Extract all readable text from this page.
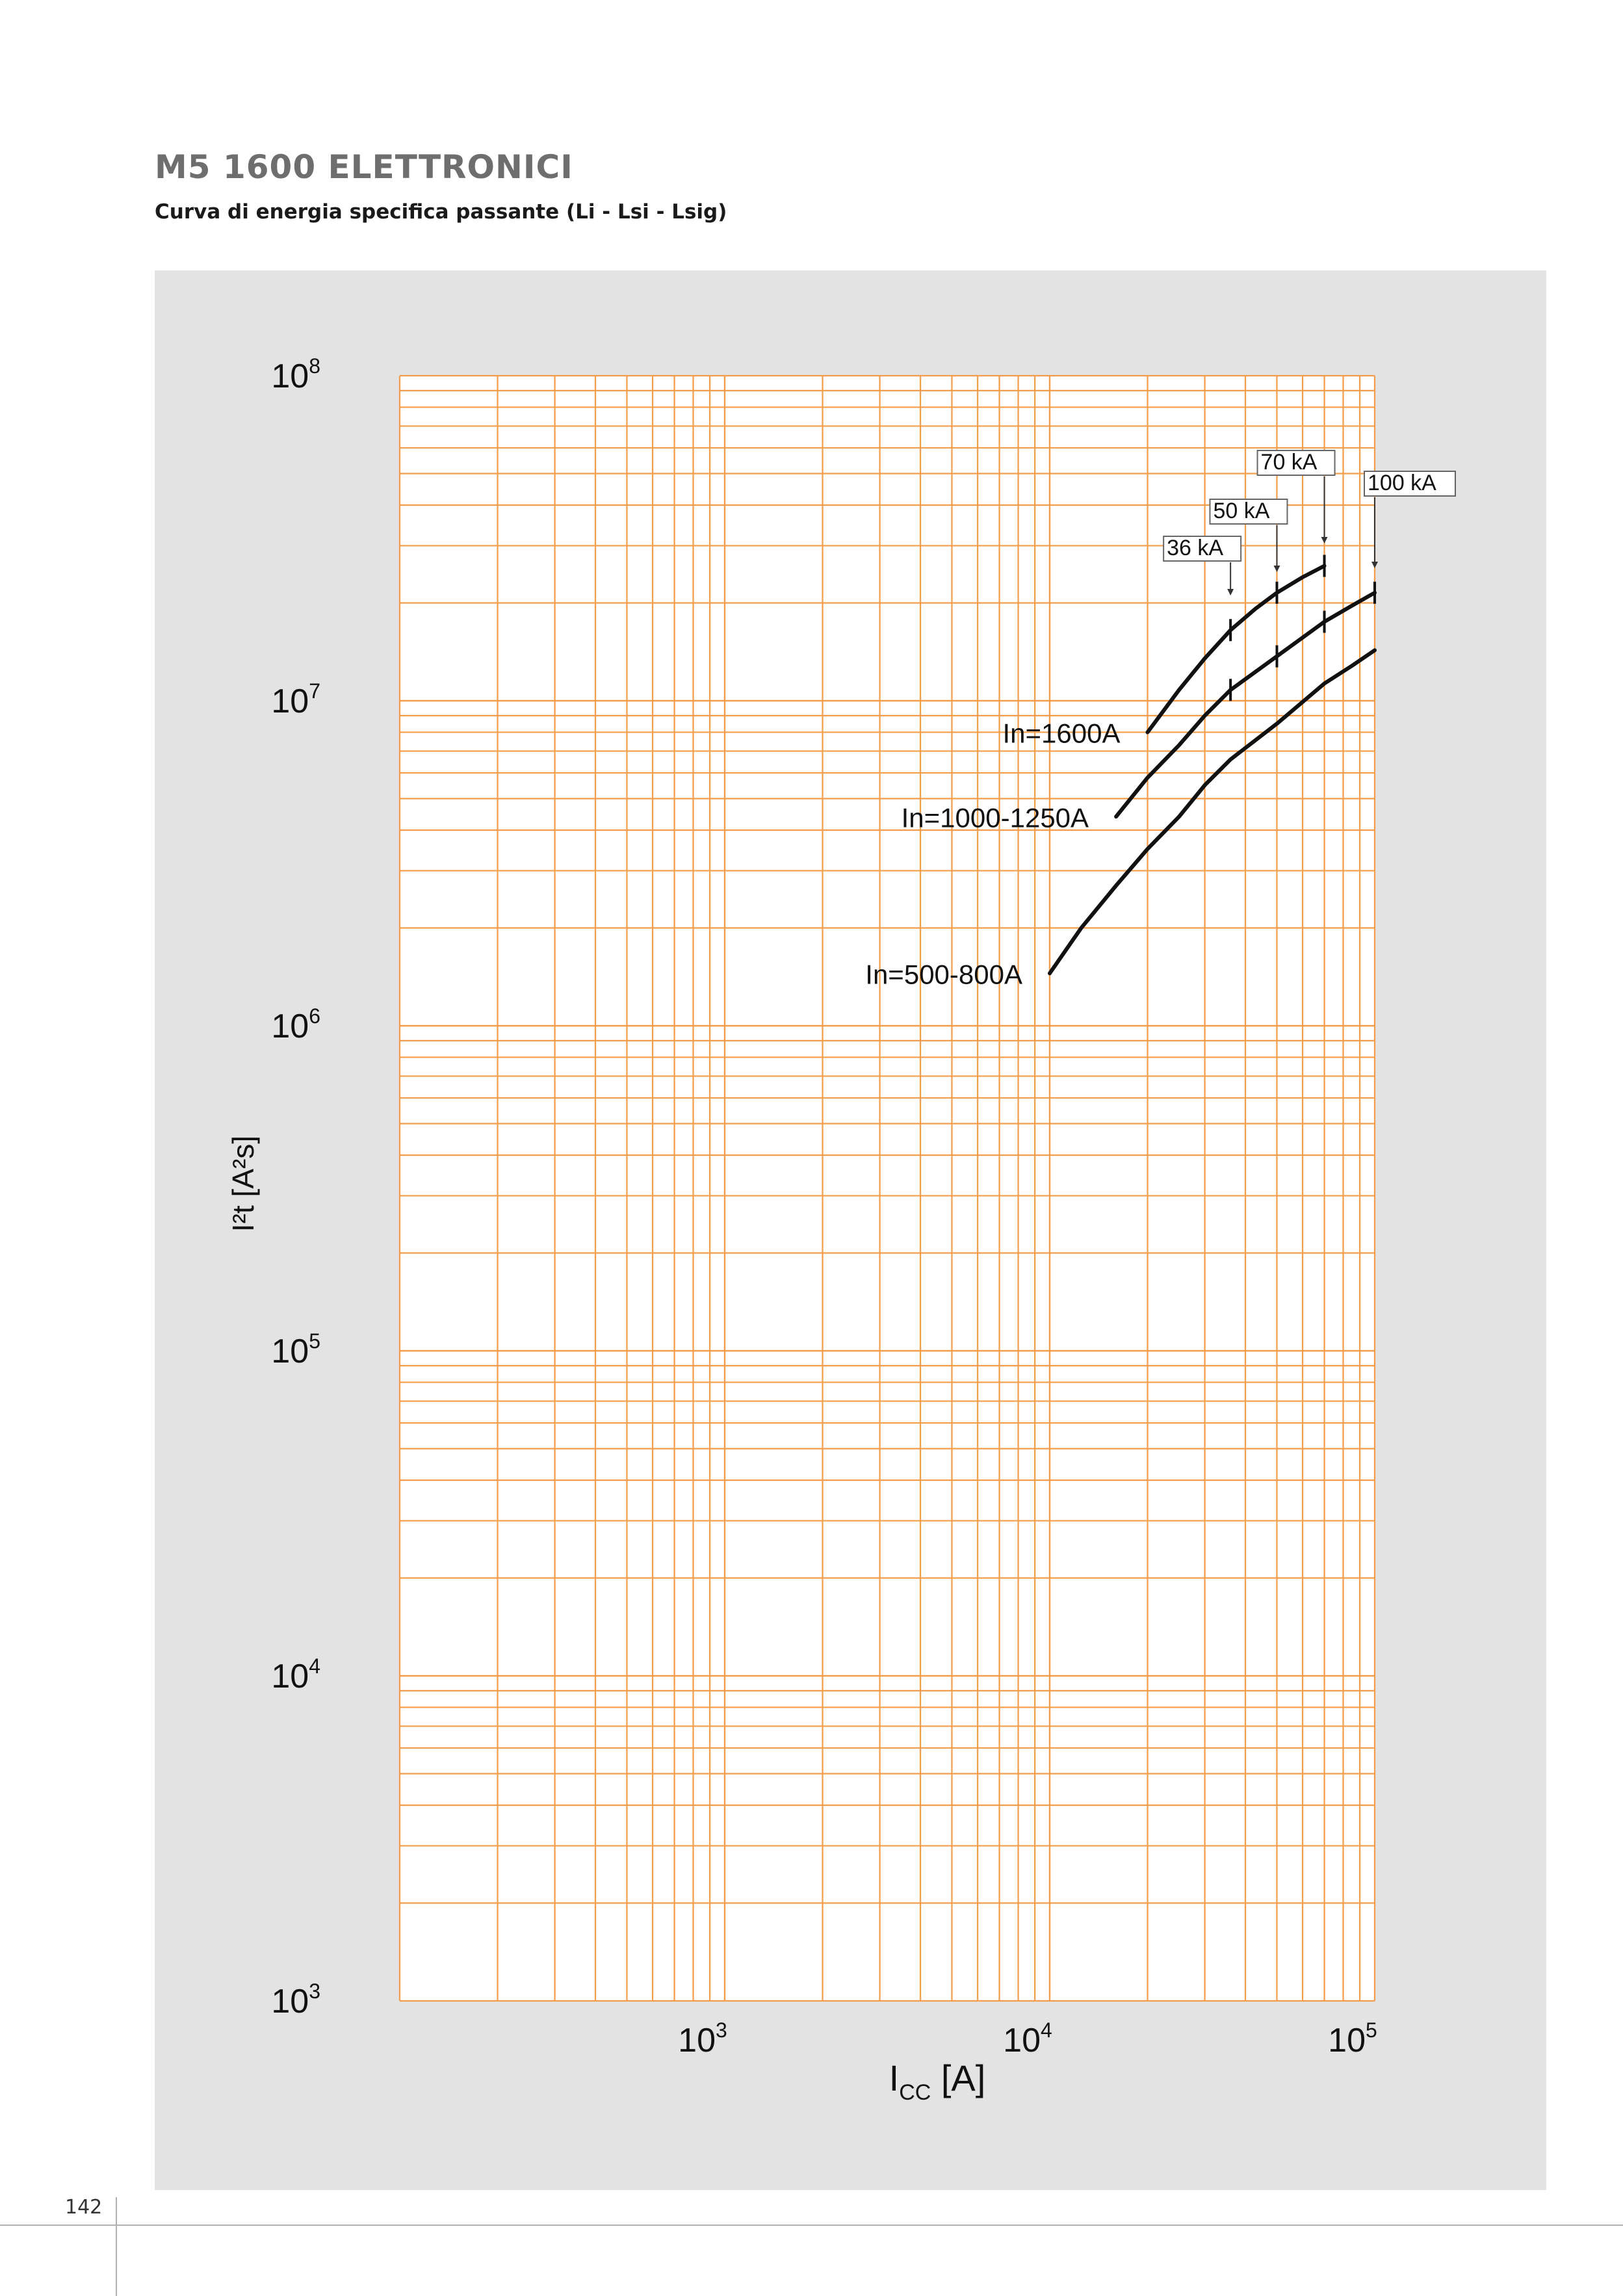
M5 1600 ELETTRONICI
Curva di energia specifica passante (Li - Lsi - Lsig)
In=1600A
In=1000-1250A
In=500-800A
36 kA
50 kA
70 kA
100 kA
$10^3$
$10^4$
$10^5$
$10^6$
$10^7$
$10^8$
$10^3$	$10^4$	$10^5$
I²t [A²s]
$I_{CC}$ [A]
142
